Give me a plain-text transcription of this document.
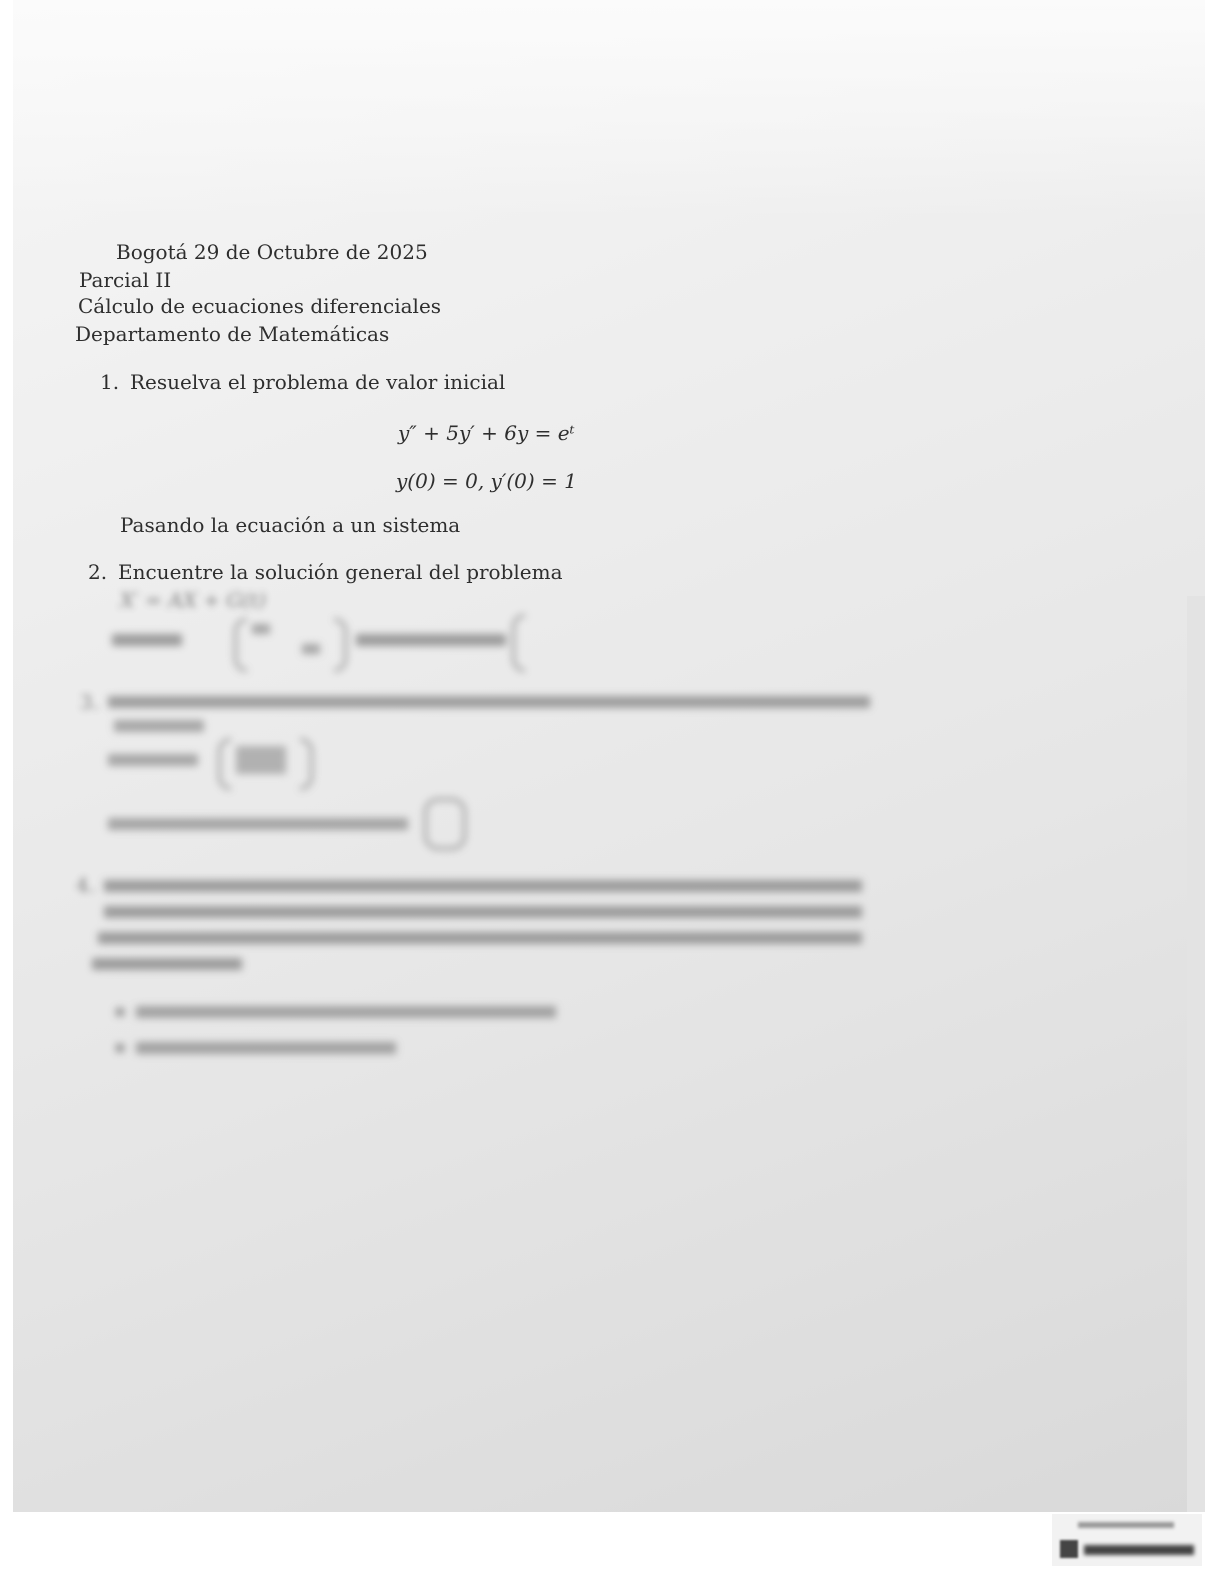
Bogotá 29 de Octubre de 2025
Parcial II
Cálculo de ecuaciones diferenciales
Departamento de Matemáticas
1. Resuelva el problema de valor inicial
y″ + 5y′ + 6y = eᵗ
y(0) = 0, y′(0) = 1
Pasando la ecuación a un sistema
2. Encuentre la solución general del problema
X′ = AX + G(t)
3.
4.
